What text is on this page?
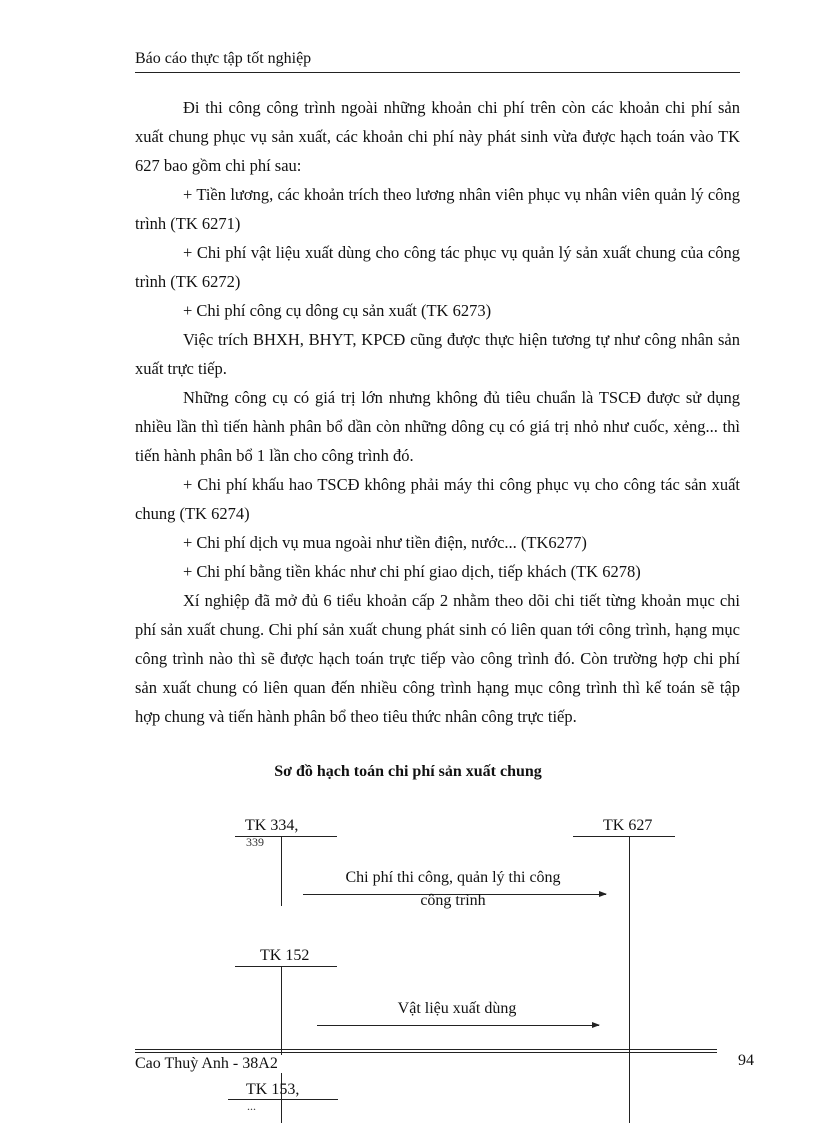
Báo cáo thực tập tốt nghiệp

Đi thi công công trình ngoài những khoản chi phí trên còn các khoản chi phí sản xuất chung phục vụ sản xuất, các khoản chi phí này phát sinh vừa được hạch toán vào TK 627 bao gồm chi phí sau:

+ Tiền lương, các khoản trích theo lương nhân viên phục vụ nhân viên quản lý công trình (TK 6271)

+ Chi phí vật liệu xuất dùng cho công tác phục vụ quản lý sản xuất chung của công trình (TK 6272)

+ Chi phí công cụ dông cụ sản xuất (TK 6273)

Việc trích BHXH, BHYT, KPCĐ cũng được thực hiện tương tự như công nhân sản xuất trực tiếp.

Những công cụ có giá trị lớn nhưng không đủ tiêu chuẩn là TSCĐ được sử dụng nhiều lần thì tiến hành phân bổ dần còn những dông cụ có giá trị nhỏ như cuốc, xẻng... thì tiến hành phân bổ 1 lần cho công trình đó.

+ Chi phí khấu hao TSCĐ không phải máy thi công phục vụ cho công tác sản xuất chung (TK 6274)

+ Chi phí dịch vụ mua ngoài như tiền điện, nước... (TK6277)

+ Chi phí bằng tiền khác như chi phí giao dịch, tiếp khách (TK 6278)

Xí nghiệp đã mở đủ 6 tiểu khoản cấp 2 nhằm theo dõi chi tiết từng khoản mục chi phí sản xuất chung. Chi phí sản xuất chung phát sinh có liên quan tới công trình, hạng mục công trình nào thì sẽ được hạch toán trực tiếp vào công trình đó. Còn trường hợp chi phí sản xuất chung có liên quan đến nhiều công trình hạng mục công trình thì kế toán sẽ tập hợp chung và tiến hành phân bổ theo tiêu thức nhân công trực tiếp.

Sơ đồ hạch toán chi phí sản xuất chung
TK 334,
339
TK 627
Chi phí thi công, quản lý thi công
công trình
TK 152
Vật liệu xuất dùng
Cao Thuỳ Anh - 38A2	94
TK 153,
...
